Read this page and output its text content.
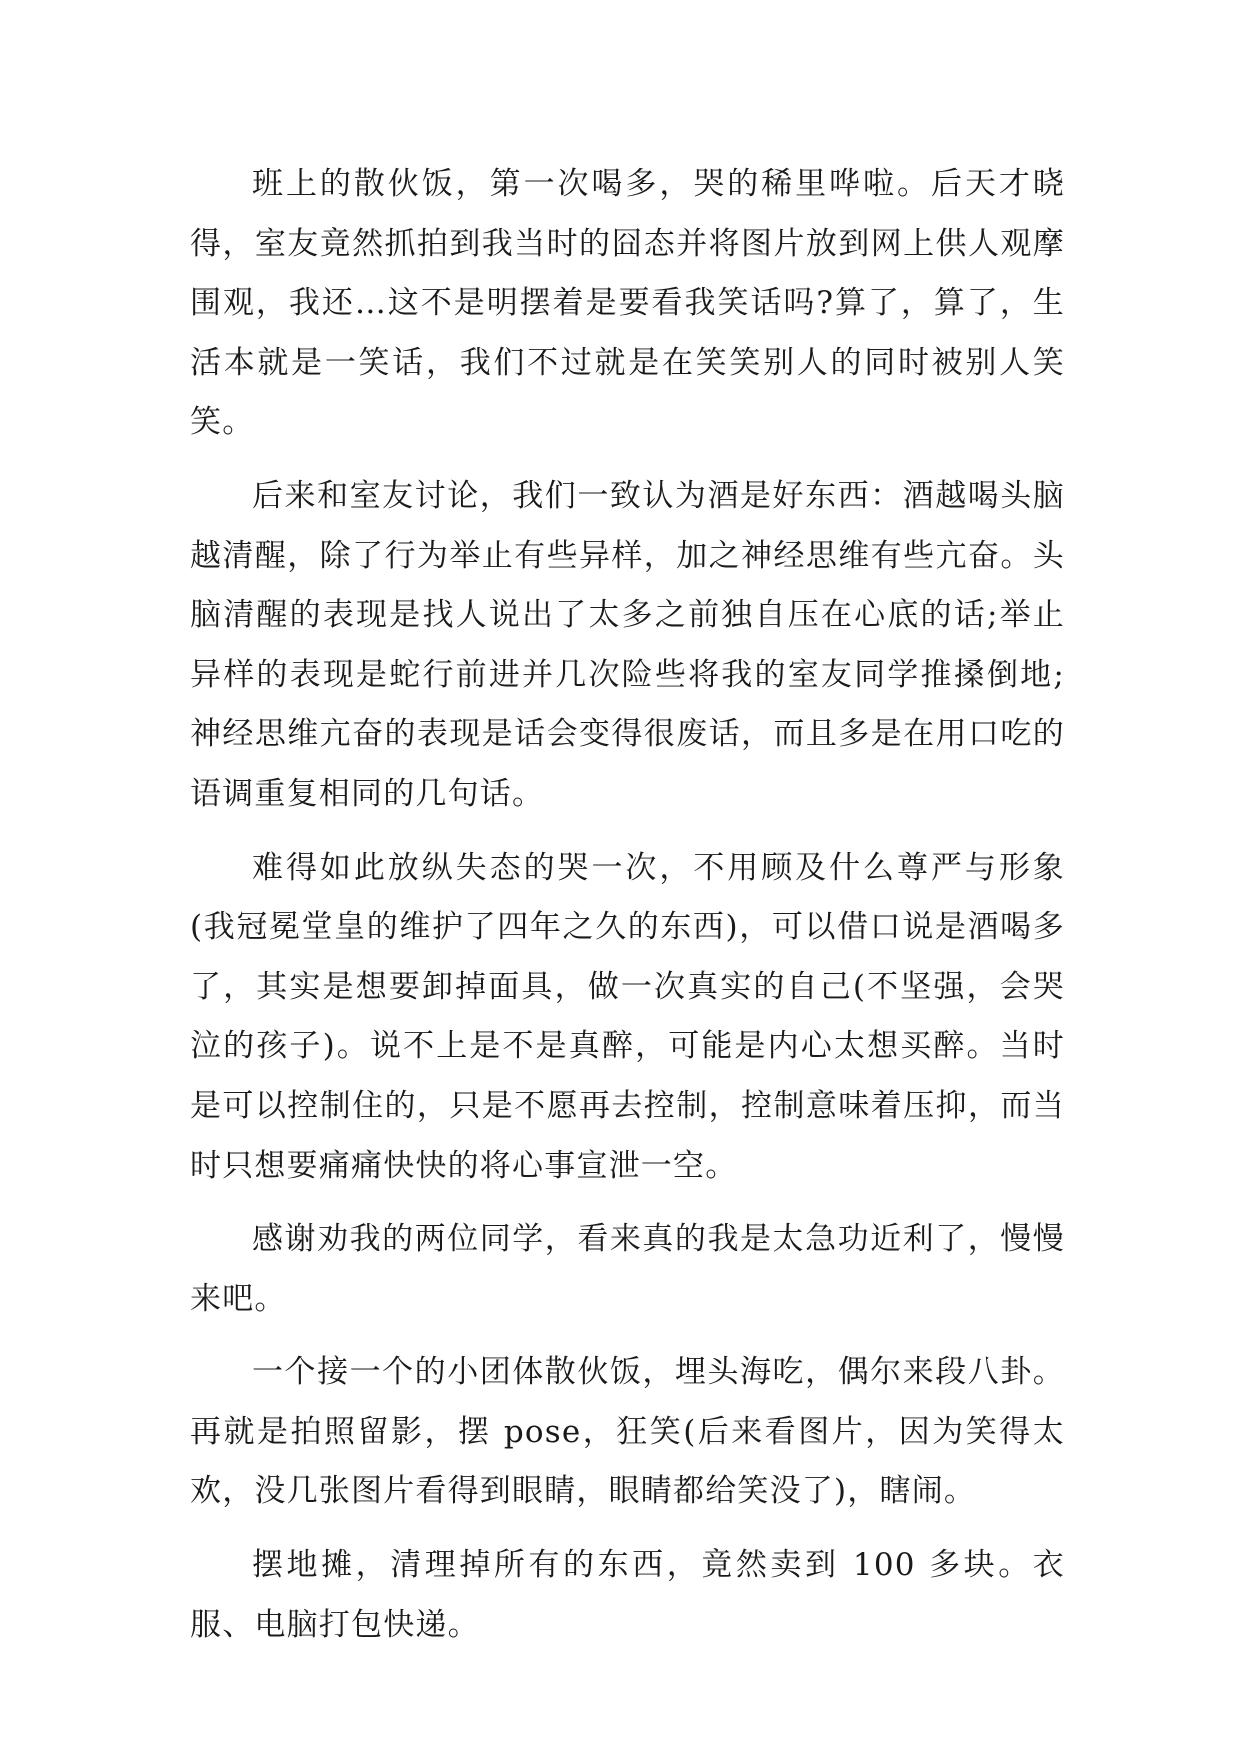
班上的散伙饭，第一次喝多，哭的稀里哗啦。后天才晓得，室友竟然抓拍到我当时的囧态并将图片放到网上供人观摩围观，我还…这不是明摆着是要看我笑话吗?算了，算了，生活本就是一笑话，我们不过就是在笑笑别人的同时被别人笑笑。

后来和室友讨论，我们一致认为酒是好东西：酒越喝头脑越清醒，除了行为举止有些异样，加之神经思维有些亢奋。头脑清醒的表现是找人说出了太多之前独自压在心底的话;举止异样的表现是蛇行前进并几次险些将我的室友同学推搡倒地;神经思维亢奋的表现是话会变得很废话，而且多是在用口吃的语调重复相同的几句话。

难得如此放纵失态的哭一次，不用顾及什么尊严与形象(我冠冕堂皇的维护了四年之久的东西)，可以借口说是酒喝多了，其实是想要卸掉面具，做一次真实的自己(不坚强，会哭泣的孩子)。说不上是不是真醉，可能是内心太想买醉。当时是可以控制住的，只是不愿再去控制，控制意味着压抑，而当时只想要痛痛快快的将心事宣泄一空。

感谢劝我的两位同学，看来真的我是太急功近利了，慢慢来吧。

一个接一个的小团体散伙饭，埋头海吃，偶尔来段八卦。再就是拍照留影，摆 pose，狂笑(后来看图片，因为笑得太欢，没几张图片看得到眼睛，眼睛都给笑没了)，瞎闹。

摆地摊，清理掉所有的东西，竟然卖到 100 多块。衣服、电脑打包快递。
